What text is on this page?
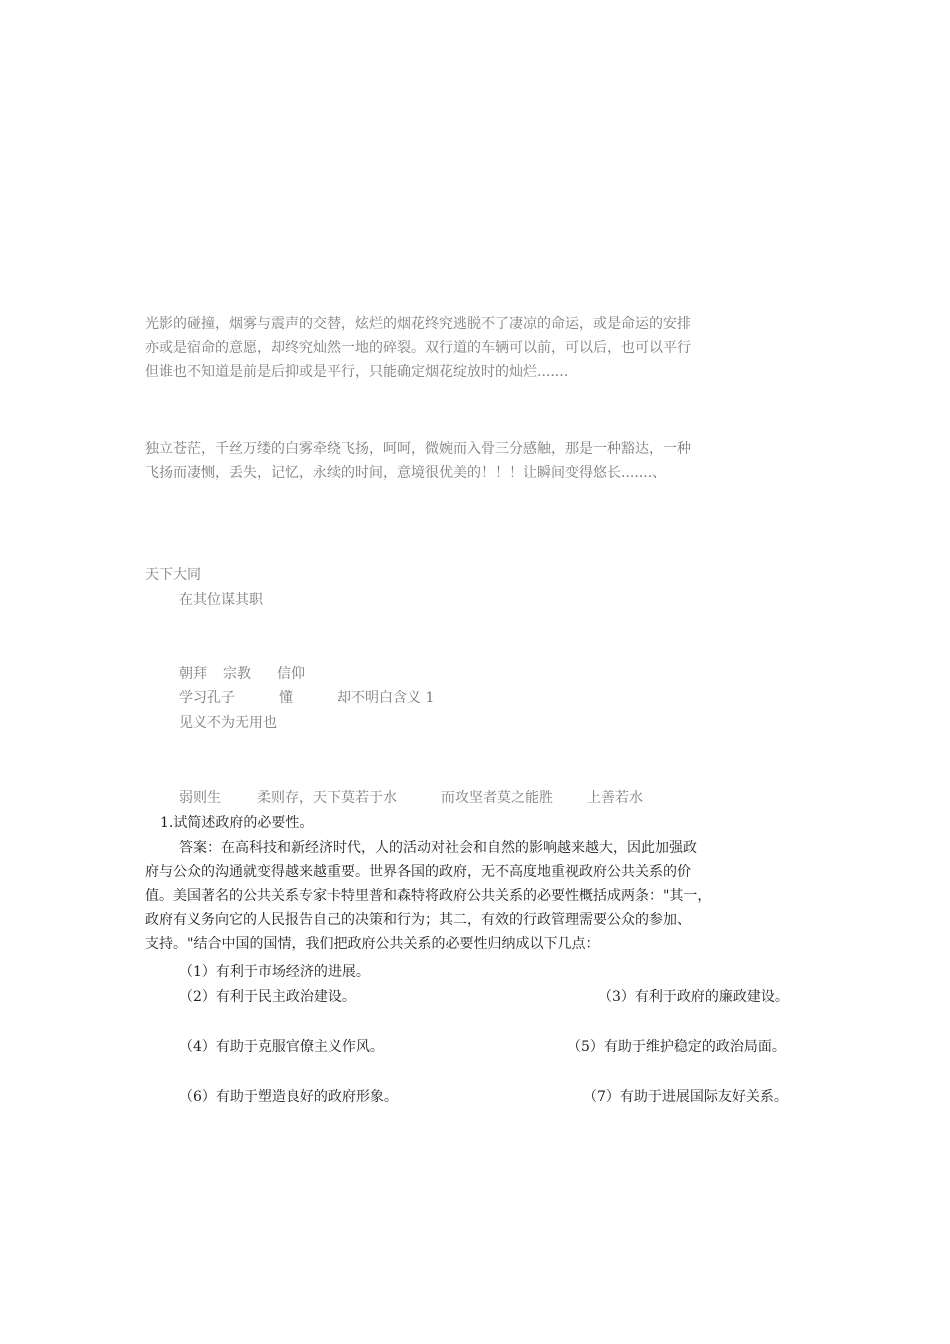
光影的碰撞，烟雾与震声的交替，炫烂的烟花终究逃脱不了凄凉的命运，或是命运的安排

亦或是宿命的意愿，却终究灿然一地的碎裂。双行道的车辆可以前，可以后，也可以平行

但谁也不知道是前是后抑或是平行，只能确定烟花绽放时的灿烂.......

独立苍茫，千丝万缕的白雾牵绕飞扬，呵呵，微婉而入骨三分感触，那是一种豁达，一种

飞扬而凄恻，丢失，记忆，永续的时间，意境很优美的！！！让瞬间变得悠长.......、

天下大同
在其位谋其职
朝拜 宗教 信仰
学习孔子	懂	却不明白含义 1
见义不为无用也
弱则生	柔则存，天下莫若于水	而攻坚者莫之能胜 上善若水
1.试简述政府的必要性。

答案：在高科技和新经济时代，人的活动对社会和自然的影响越来越大，因此加强政

府与公众的沟通就变得越来越重要。世界各国的政府，无不高度地重视政府公共关系的价

值。美国著名的公共关系专家卡特里普和森特将政府公共关系的必要性概括成两条："其一，

政府有义务向它的人民报告自己的决策和行为；其二，有效的行政管理需要公众的参加、

支持。"结合中国的国情，我们把政府公共关系的必要性归纳成以下几点：

（1）有利于市场经济的进展。
（2）有利于民主政治建设。	（3）有利于政府的廉政建设。
（4）有助于克服官僚主义作风。	（5）有助于维护稳定的政治局面。
（6）有助于塑造良好的政府形象。	（7）有助于进展国际友好关系。
